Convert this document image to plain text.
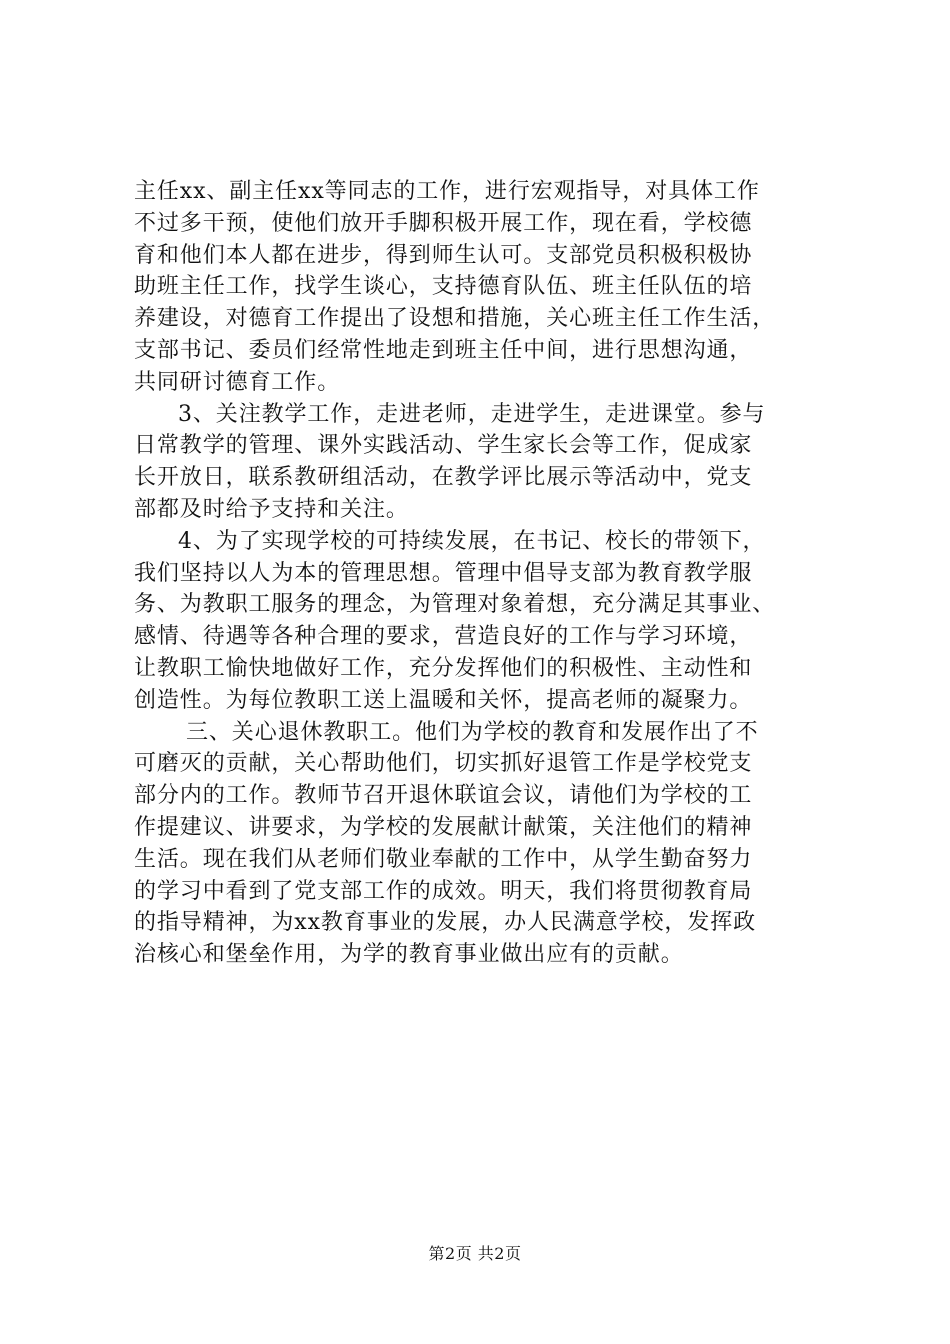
主任xx、副主任xx等同志的工作，进行宏观指导，对具体工作
不过多干预，使他们放开手脚积极开展工作，现在看，学校德
育和他们本人都在进步，得到师生认可。支部党员积极积极协
助班主任工作，找学生谈心，支持德育队伍、班主任队伍的培
养建设，对德育工作提出了设想和措施，关心班主任工作生活，
支部书记、委员们经常性地走到班主任中间，进行思想沟通，
共同研讨德育工作。
3、关注教学工作，走进老师，走进学生，走进课堂。参与
日常教学的管理、课外实践活动、学生家长会等工作，促成家
长开放日，联系教研组活动，在教学评比展示等活动中，党支
部都及时给予支持和关注。
4、为了实现学校的可持续发展，在书记、校长的带领下，
我们坚持以人为本的管理思想。管理中倡导支部为教育教学服
务、为教职工服务的理念，为管理对象着想，充分满足其事业、
感情、待遇等各种合理的要求，营造良好的工作与学习环境，
让教职工愉快地做好工作，充分发挥他们的积极性、主动性和
创造性。为每位教职工送上温暖和关怀，提高老师的凝聚力。
三、关心退休教职工。他们为学校的教育和发展作出了不
可磨灭的贡献，关心帮助他们，切实抓好退管工作是学校党支
部分内的工作。教师节召开退休联谊会议，请他们为学校的工
作提建议、讲要求，为学校的发展献计献策，关注他们的精神
生活。现在我们从老师们敬业奉献的工作中，从学生勤奋努力
的学习中看到了党支部工作的成效。明天，我们将贯彻教育局
的指导精神，为xx教育事业的发展，办人民满意学校，发挥政
治核心和堡垒作用，为学的教育事业做出应有的贡献。
第2页 共2页
